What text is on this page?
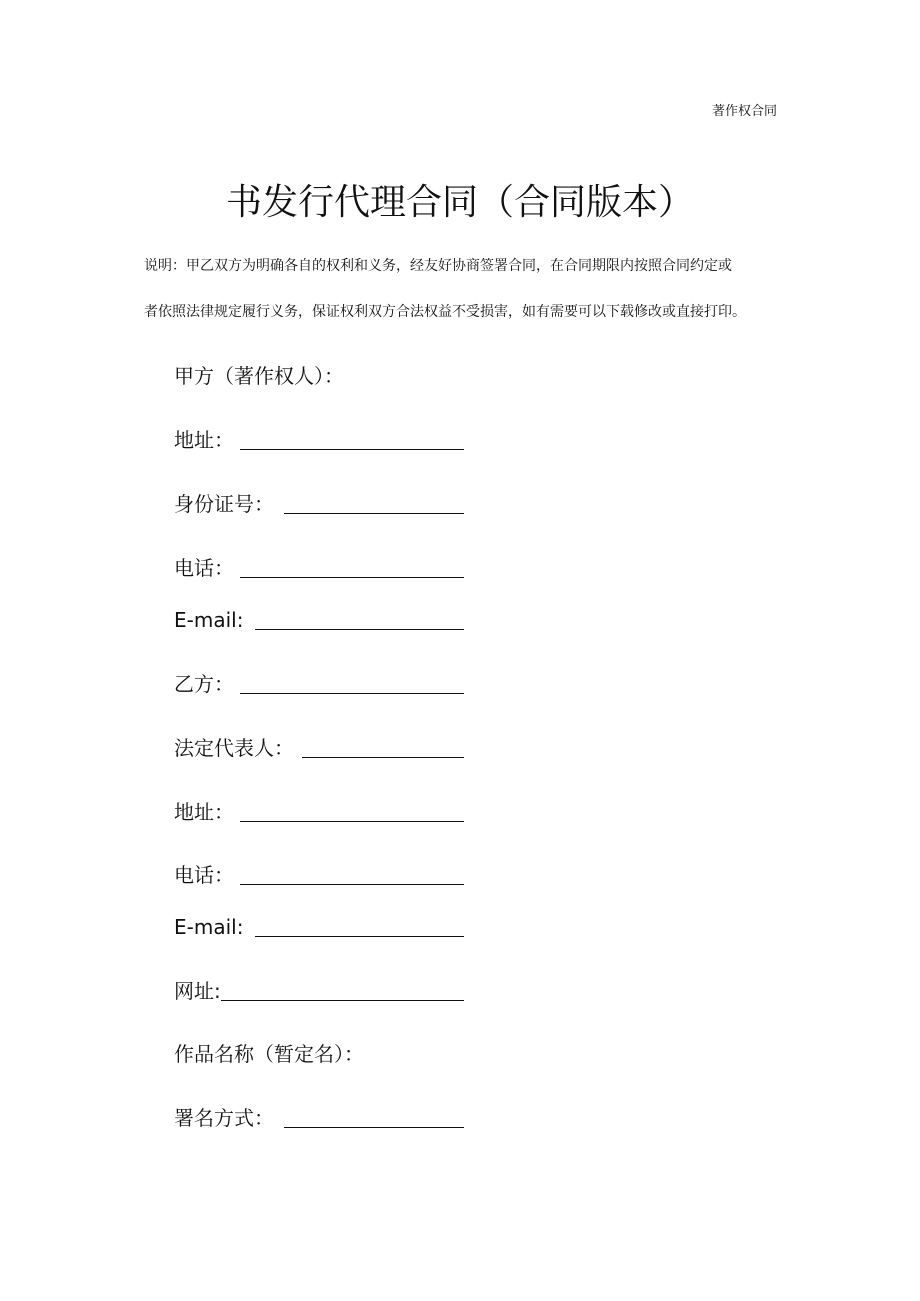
著作权合同
书发行代理合同（合同版本）
说明：甲乙双方为明确各自的权利和义务，经友好协商签署合同，在合同期限内按照合同约定或
者依照法律规定履行义务，保证权利双方合法权益不受损害，如有需要可以下载修改或直接打印。
甲方（著作权人）：
地址：
身份证号：
电话：
E-mail:
乙方：
法定代表人：
地址：
电话：
E-mail:
网址:
作品名称（暂定名）：
署名方式：
